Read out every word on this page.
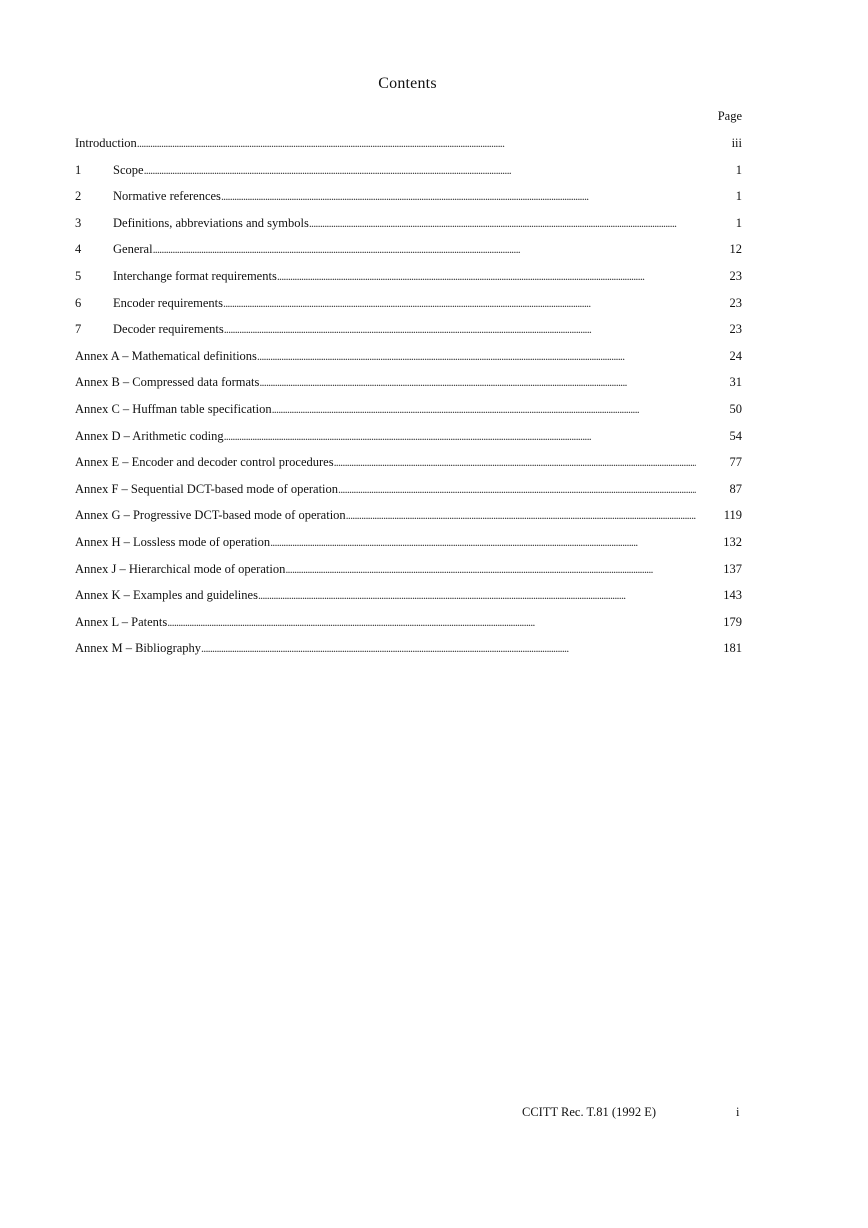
Contents
Page
Introduction . . .	iii
1	Scope . . .	1
2	Normative references . . .	1
3	Definitions, abbreviations and symbols . . .	1
4	General . . .	12
5	Interchange format requirements . . .	23
6	Encoder requirements . . .	23
7	Decoder requirements . . .	23
Annex A – Mathematical definitions . . .	24
Annex B – Compressed data formats . . .	31
Annex C – Huffman table specification . . .	50
Annex D – Arithmetic coding . . .	54
Annex E – Encoder and decoder control procedures . . .	77
Annex F – Sequential DCT-based mode of operation . . .	87
Annex G – Progressive DCT-based mode of operation . . .	119
Annex H – Lossless mode of operation . . .	132
Annex J – Hierarchical mode of operation . . .	137
Annex K – Examples and guidelines . . .	143
Annex L – Patents . . .	179
Annex M – Bibliography . . .	181
CCITT Rec. T.81 (1992 E)	i
